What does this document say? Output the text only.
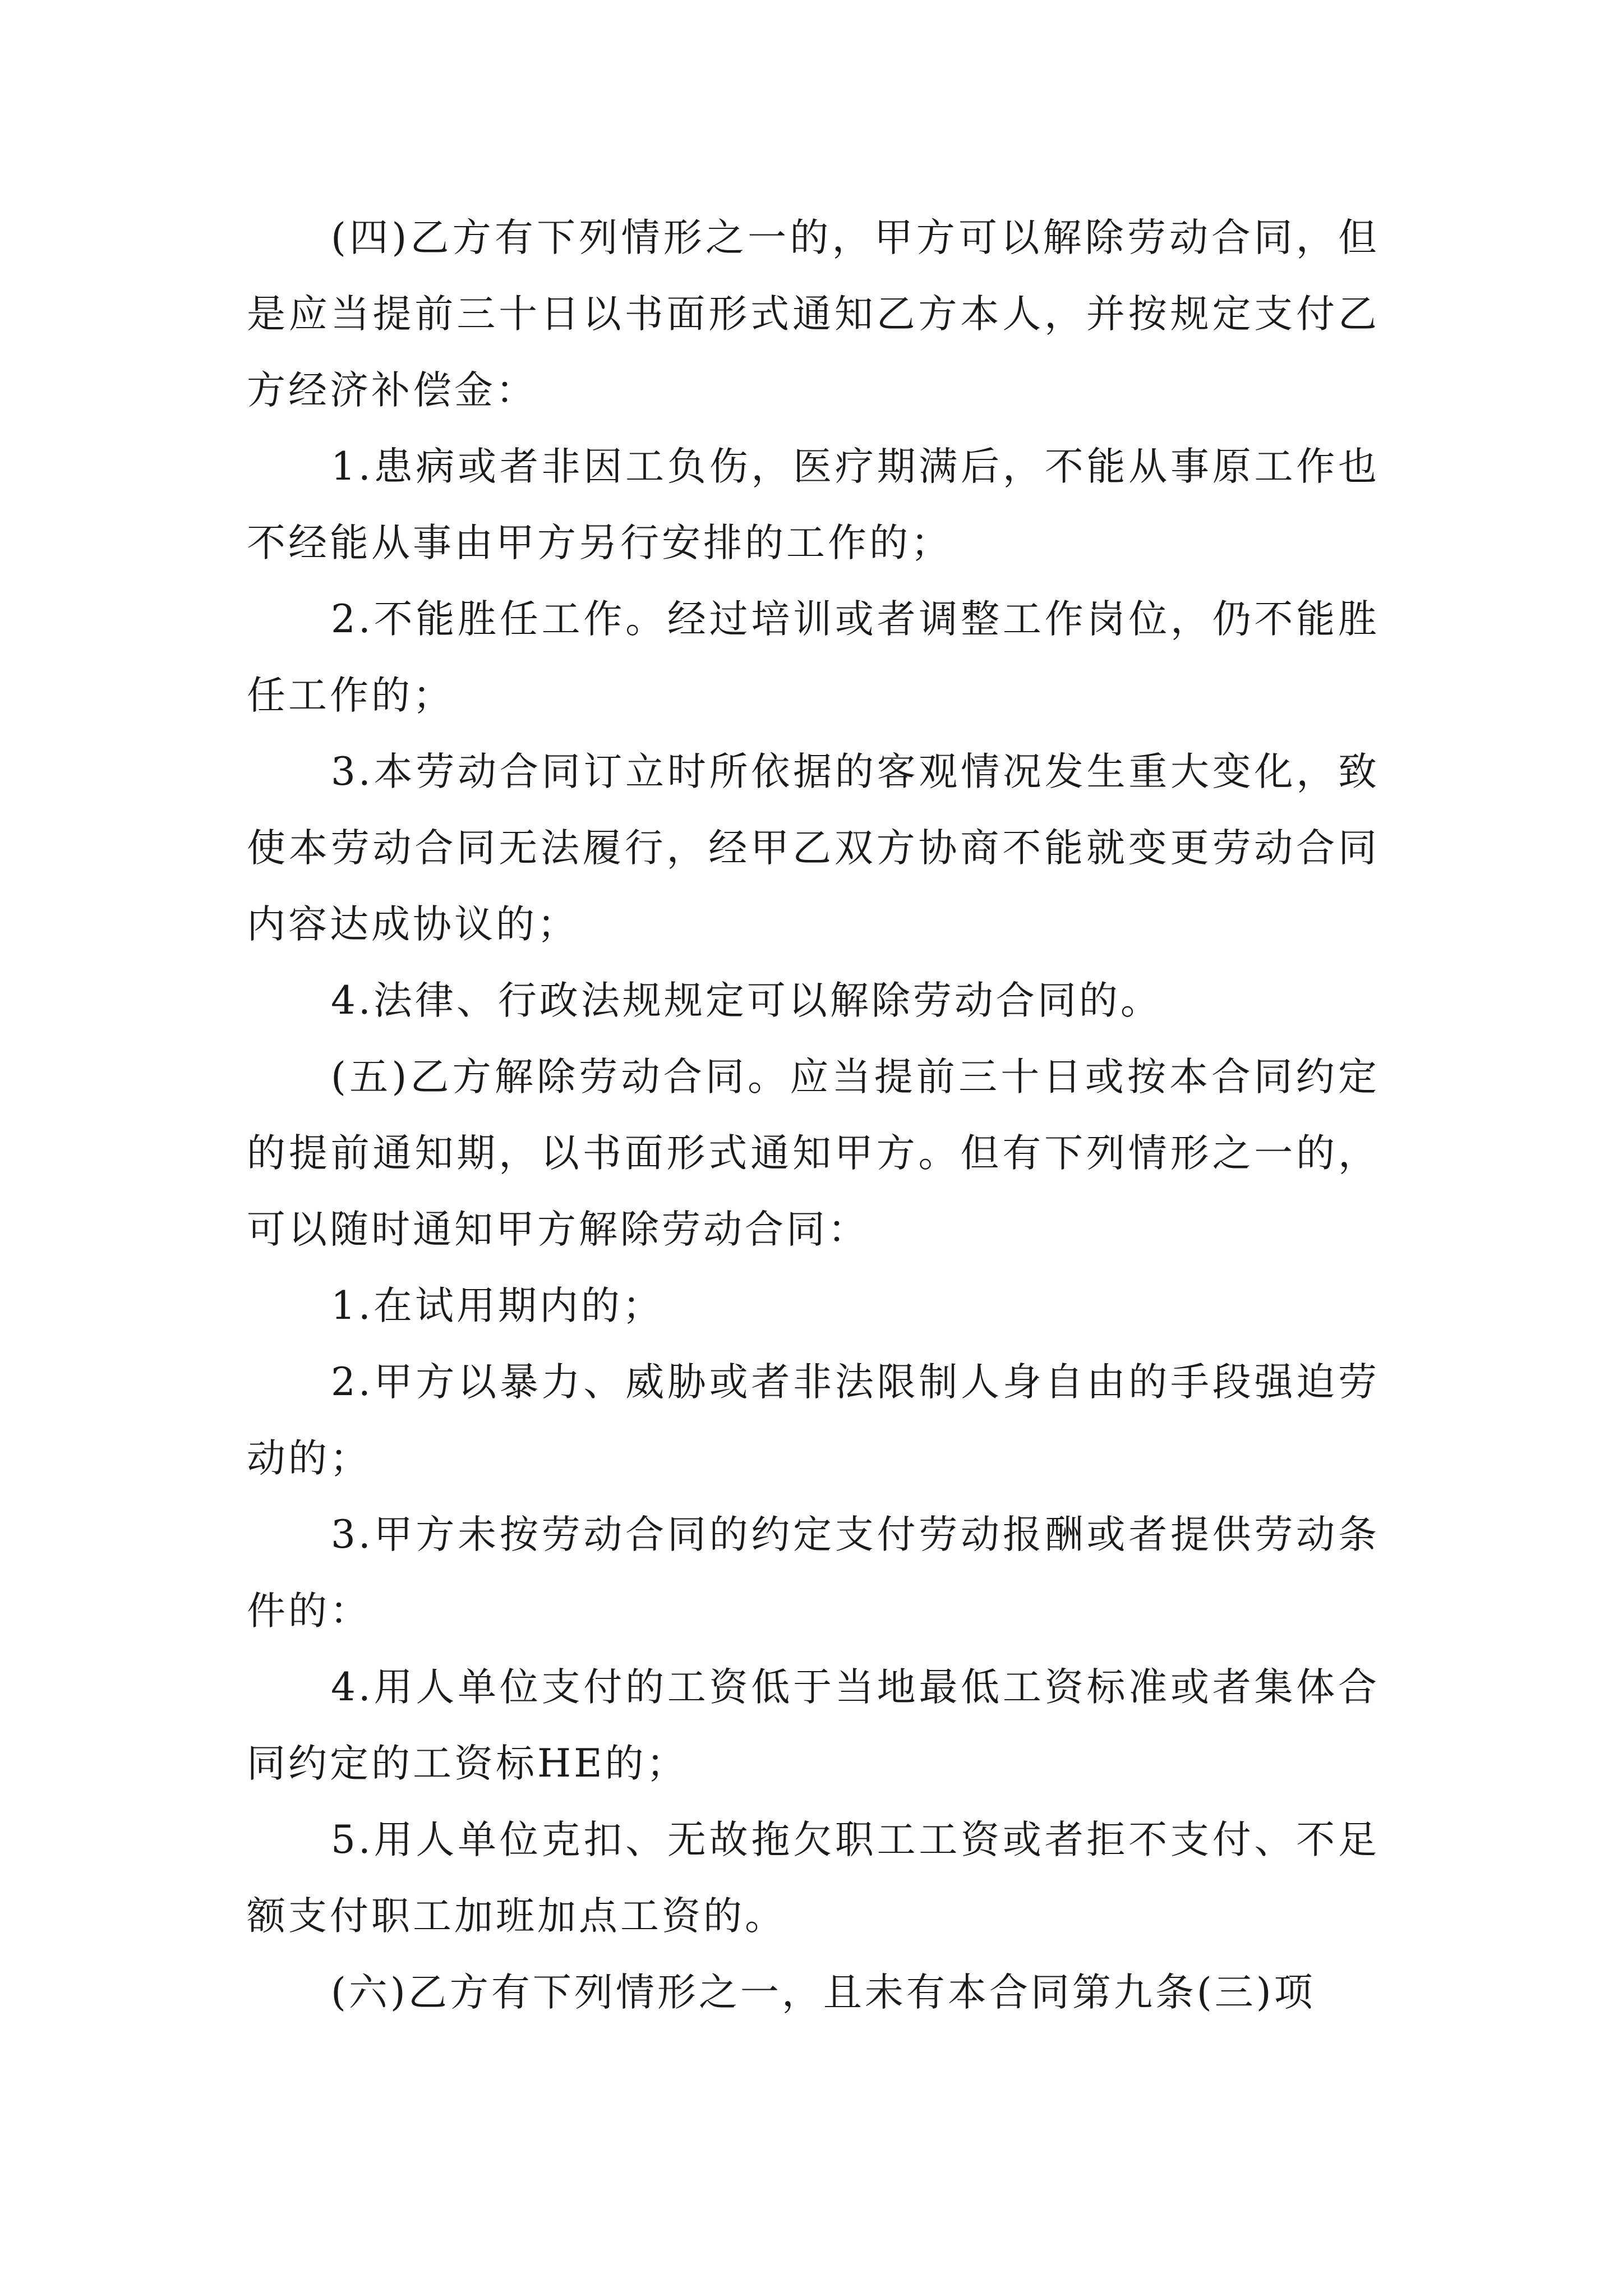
(四)乙方有下列情形之一的，甲方可以解除劳动合同，但是应当提前三十日以书面形式通知乙方本人，并按规定支付乙方经济补偿金：

1.患病或者非因工负伤，医疗期满后，不能从事原工作也不经能从事由甲方另行安排的工作的；

2.不能胜任工作。经过培训或者调整工作岗位，仍不能胜任工作的；

3.本劳动合同订立时所依据的客观情况发生重大变化，致使本劳动合同无法履行，经甲乙双方协商不能就变更劳动合同内容达成协议的；

4.法律、行政法规规定可以解除劳动合同的。

(五)乙方解除劳动合同。应当提前三十日或按本合同约定的提前通知期，以书面形式通知甲方。但有下列情形之一的，可以随时通知甲方解除劳动合同：

1.在试用期内的；

2.甲方以暴力、威胁或者非法限制人身自由的手段强迫劳动的；

3.甲方未按劳动合同的约定支付劳动报酬或者提供劳动条件的：

4.用人单位支付的工资低于当地最低工资标准或者集体合同约定的工资标HE的；

5.用人单位克扣、无故拖欠职工工资或者拒不支付、不足额支付职工加班加点工资的。

(六)乙方有下列情形之一，且未有本合同第九条(三)项
